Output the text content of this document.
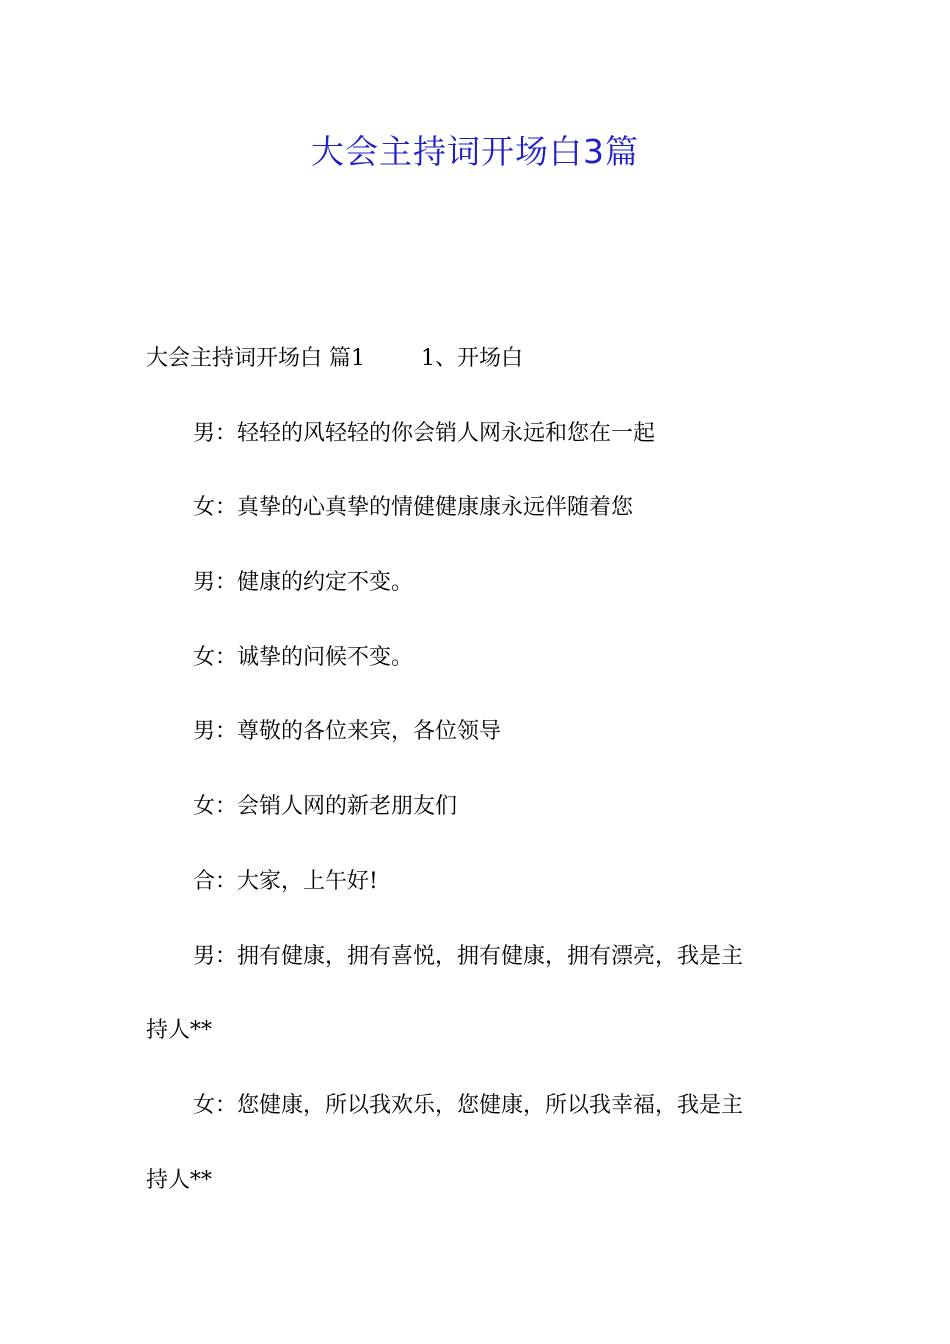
大会主持词开场白3篇
大会主持词开场白 篇1	1、开场白
男：轻轻的风轻轻的你会销人网永远和您在一起
女：真挚的心真挚的情健健康康永远伴随着您
男：健康的约定不变。
女：诚挚的问候不变。
男：尊敬的各位来宾，各位领导
女：会销人网的新老朋友们
合：大家，上午好!
男：拥有健康，拥有喜悦，拥有健康，拥有漂亮，我是主
持人**
女：您健康，所以我欢乐，您健康，所以我幸福，我是主
持人**
